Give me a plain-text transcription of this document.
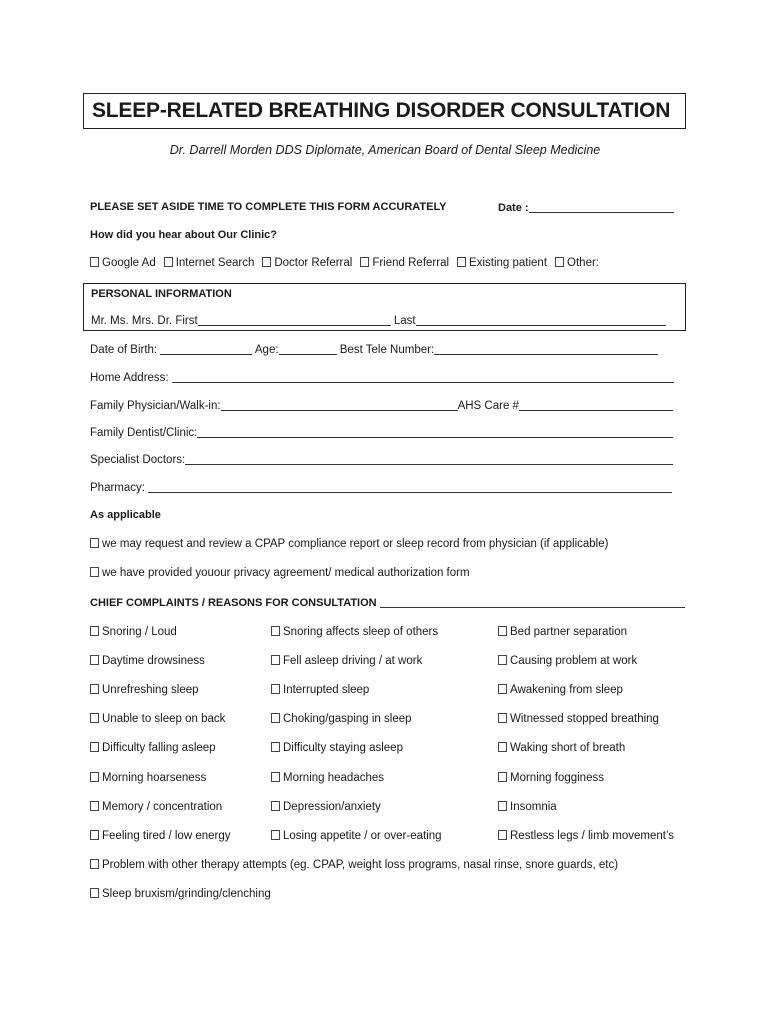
SLEEP-RELATED BREATHING DISORDER CONSULTATION
Dr. Darrell Morden DDS Diplomate, American Board of Dental Sleep Medicine
PLEASE SET ASIDE TIME TO COMPLETE THIS FORM ACCURATELY	Date :
How did you hear about Our Clinic?
Google Ad Internet Search Doctor Referral Friend Referral Existing patient Other:
PERSONAL INFORMATION
Mr. Ms. Mrs. Dr. First	Last
Date of Birth:	Age:	Best Tele Number:
Home Address:
Family Physician/Walk-in:	AHS Care #
Family Dentist/Clinic:
Specialist Doctors:
Pharmacy:
As applicable
we may request and review a CPAP compliance report or sleep record from physician (if applicable)
we have provided youour privacy agreement/ medical authorization form
CHIEF COMPLAINTS / REASONS FOR CONSULTATION
Snoring / Loud	Snoring affects sleep of others	Bed partner separation
Daytime drowsiness	Fell asleep driving / at work	Causing problem at work
Unrefreshing sleep	Interrupted sleep	Awakening from sleep
Unable to sleep on back	Choking/gasping in sleep	Witnessed stopped breathing
Difficulty falling asleep	Difficulty staying asleep	Waking short of breath
Morning hoarseness	Morning headaches	Morning fogginess
Memory / concentration	Depression/anxiety	Insomnia
Feeling tired / low energy	Losing appetite / or over-eating	Restless legs / limb movement’s
Problem with other therapy attempts (eg. CPAP, weight loss programs, nasal rinse, snore guards, etc)
Sleep bruxism/grinding/clenching
